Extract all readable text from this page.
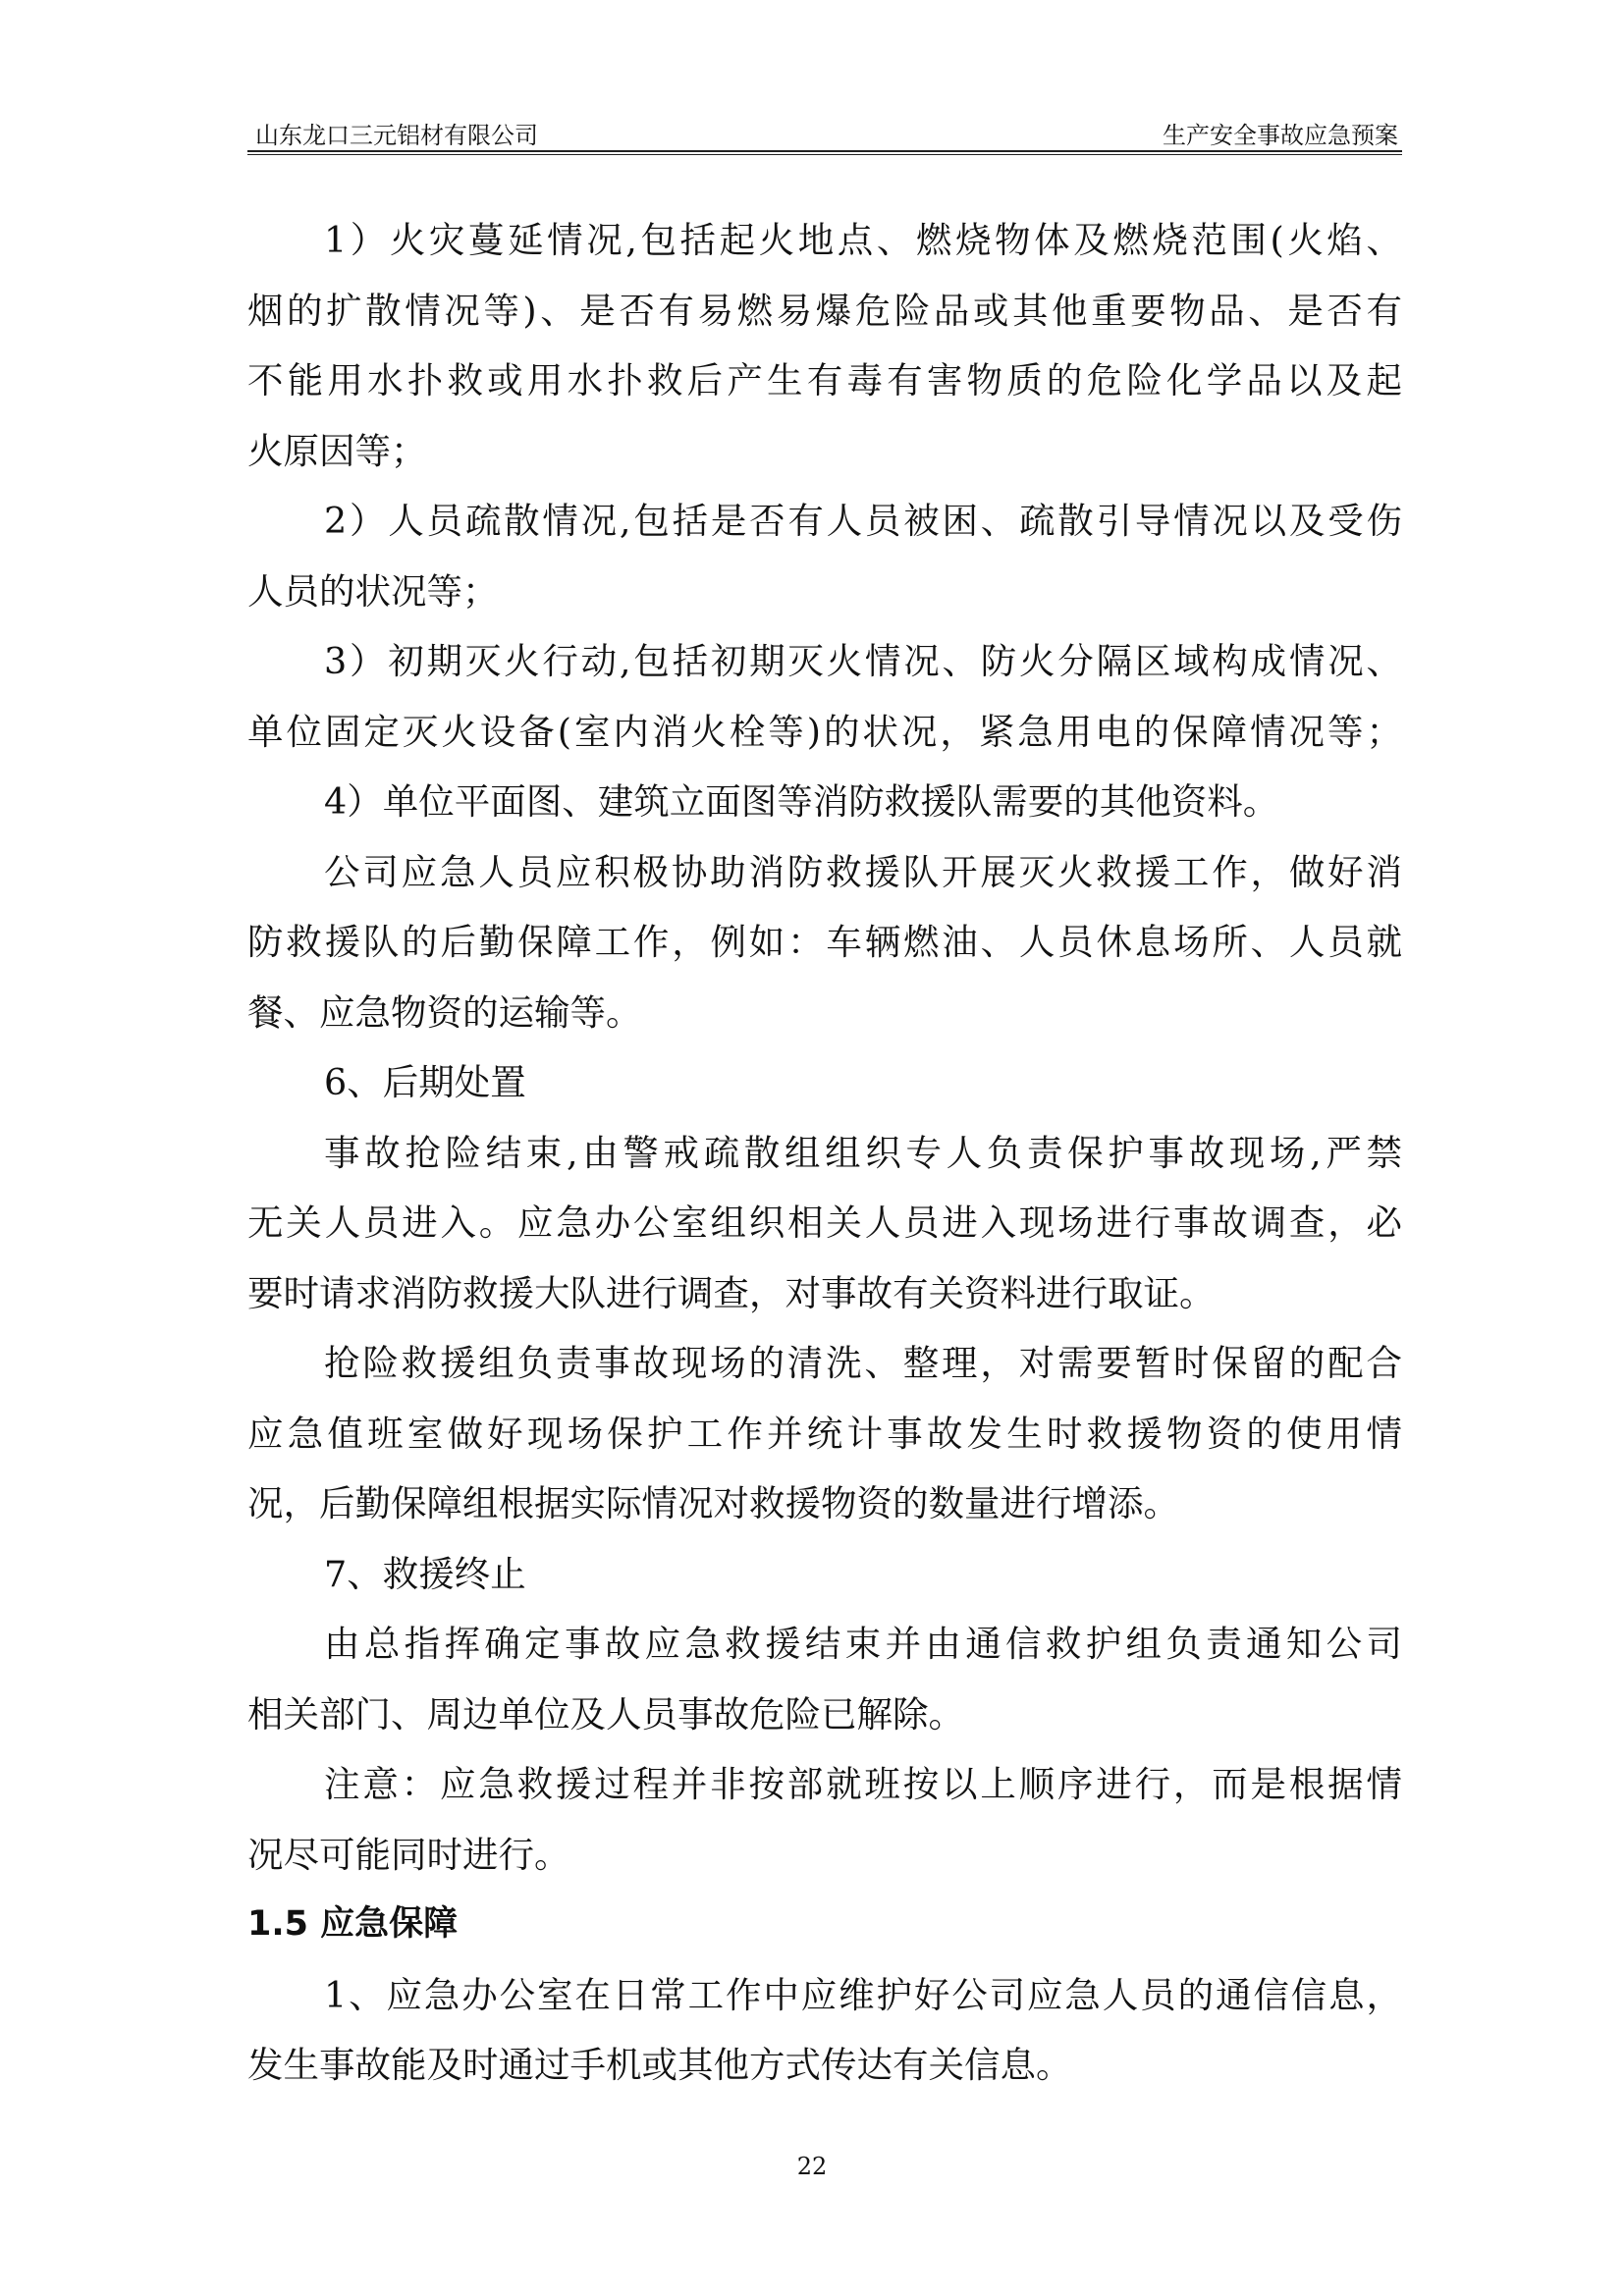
山东龙口三元铝材有限公司	生产安全事故应急预案
1）火灾蔓延情况,包括起火地点、燃烧物体及燃烧范围(火焰、
烟的扩散情况等)、是否有易燃易爆危险品或其他重要物品、是否有
不能用水扑救或用水扑救后产生有毒有害物质的危险化学品以及起
火原因等；
2）人员疏散情况,包括是否有人员被困、疏散引导情况以及受伤
人员的状况等；
3）初期灭火行动,包括初期灭火情况、防火分隔区域构成情况、
单位固定灭火设备(室内消火栓等)的状况，紧急用电的保障情况等；
4）单位平面图、建筑立面图等消防救援队需要的其他资料。
公司应急人员应积极协助消防救援队开展灭火救援工作，做好消
防救援队的后勤保障工作，例如：车辆燃油、人员休息场所、人员就
餐、应急物资的运输等。
6、后期处置
事故抢险结束,由警戒疏散组组织专人负责保护事故现场,严禁
无关人员进入。应急办公室组织相关人员进入现场进行事故调查，必
要时请求消防救援大队进行调查，对事故有关资料进行取证。
抢险救援组负责事故现场的清洗、整理，对需要暂时保留的配合
应急值班室做好现场保护工作并统计事故发生时救援物资的使用情
况，后勤保障组根据实际情况对救援物资的数量进行增添。
7、救援终止
由总指挥确定事故应急救援结束并由通信救护组负责通知公司
相关部门、周边单位及人员事故危险已解除。
注意：应急救援过程并非按部就班按以上顺序进行，而是根据情
况尽可能同时进行。
1.5 应急保障
1、应急办公室在日常工作中应维护好公司应急人员的通信信息，
发生事故能及时通过手机或其他方式传达有关信息。
22
